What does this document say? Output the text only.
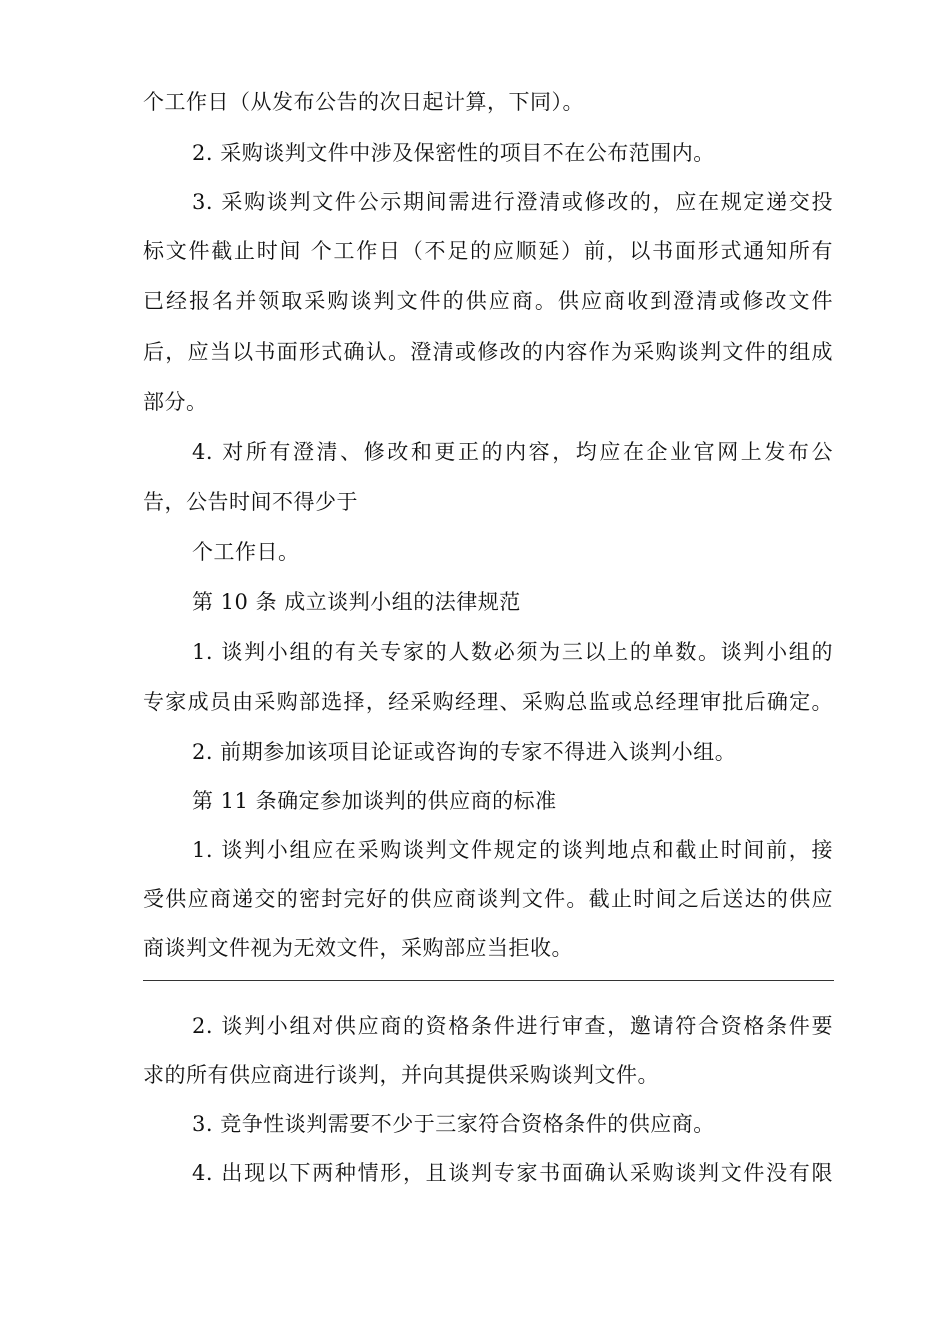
个工作日（从发布公告的次日起计算，下同）。
2. 采购谈判文件中涉及保密性的项目不在公布范围内。
3. 采购谈判文件公示期间需进行澄清或修改的，应在规定递交投
标文件截止时间 个工作日（不足的应顺延）前，以书面形式通知所有
已经报名并领取采购谈判文件的供应商。供应商收到澄清或修改文件
后，应当以书面形式确认。澄清或修改的内容作为采购谈判文件的组成
部分。
4. 对所有澄清、修改和更正的内容，均应在企业官网上发布公
告，公告时间不得少于
个工作日。
第 10 条 成立谈判小组的法律规范
1. 谈判小组的有关专家的人数必须为三以上的单数。谈判小组的
专家成员由采购部选择，经采购经理、采购总监或总经理审批后确定。
2. 前期参加该项目论证或咨询的专家不得进入谈判小组。
第 11 条确定参加谈判的供应商的标准
1. 谈判小组应在采购谈判文件规定的谈判地点和截止时间前，接
受供应商递交的密封完好的供应商谈判文件。截止时间之后送达的供应
商谈判文件视为无效文件，采购部应当拒收。
2. 谈判小组对供应商的资格条件进行审查，邀请符合资格条件要
求的所有供应商进行谈判，并向其提供采购谈判文件。
3. 竞争性谈判需要不少于三家符合资格条件的供应商。
4. 出现以下两种情形，且谈判专家书面确认采购谈判文件没有限
